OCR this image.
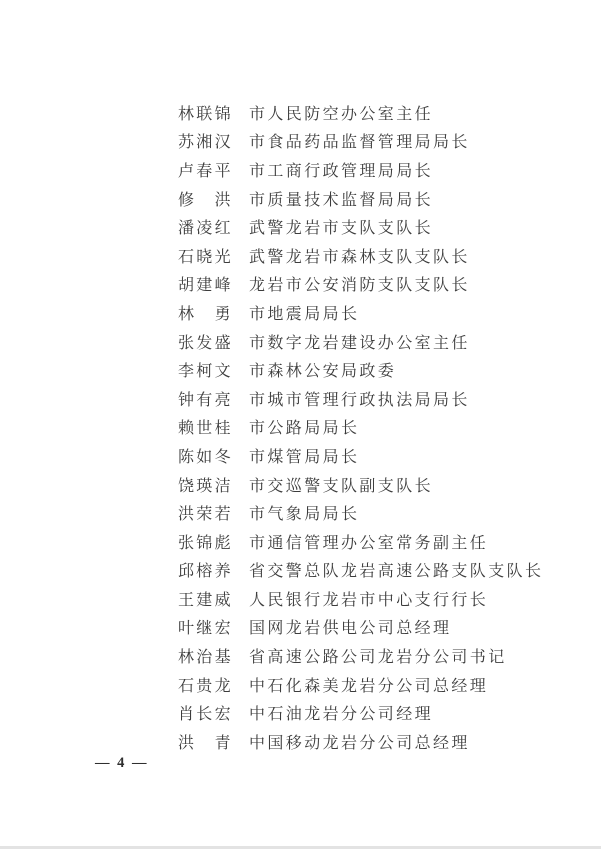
林联锦 市人民防空办公室主任
苏湘汉 市食品药品监督管理局局长
卢春平 市工商行政管理局局长
修　洪 市质量技术监督局局长
潘凌红 武警龙岩市支队支队长
石晓光 武警龙岩市森林支队支队长
胡建峰 龙岩市公安消防支队支队长
林　勇 市地震局局长
张发盛 市数字龙岩建设办公室主任
李柯文 市森林公安局政委
钟有亮 市城市管理行政执法局局长
赖世桂 市公路局局长
陈如冬 市煤管局局长
饶瑛洁 市交巡警支队副支队长
洪荣若 市气象局局长
张锦彪 市通信管理办公室常务副主任
邱榕养 省交警总队龙岩高速公路支队支队长
王建威 人民银行龙岩市中心支行行长
叶继宏 国网龙岩供电公司总经理
林治基 省高速公路公司龙岩分公司书记
石贵龙 中石化森美龙岩分公司总经理
肖长宏 中石油龙岩分公司经理
洪　青 中国移动龙岩分公司总经理
— 4 —
